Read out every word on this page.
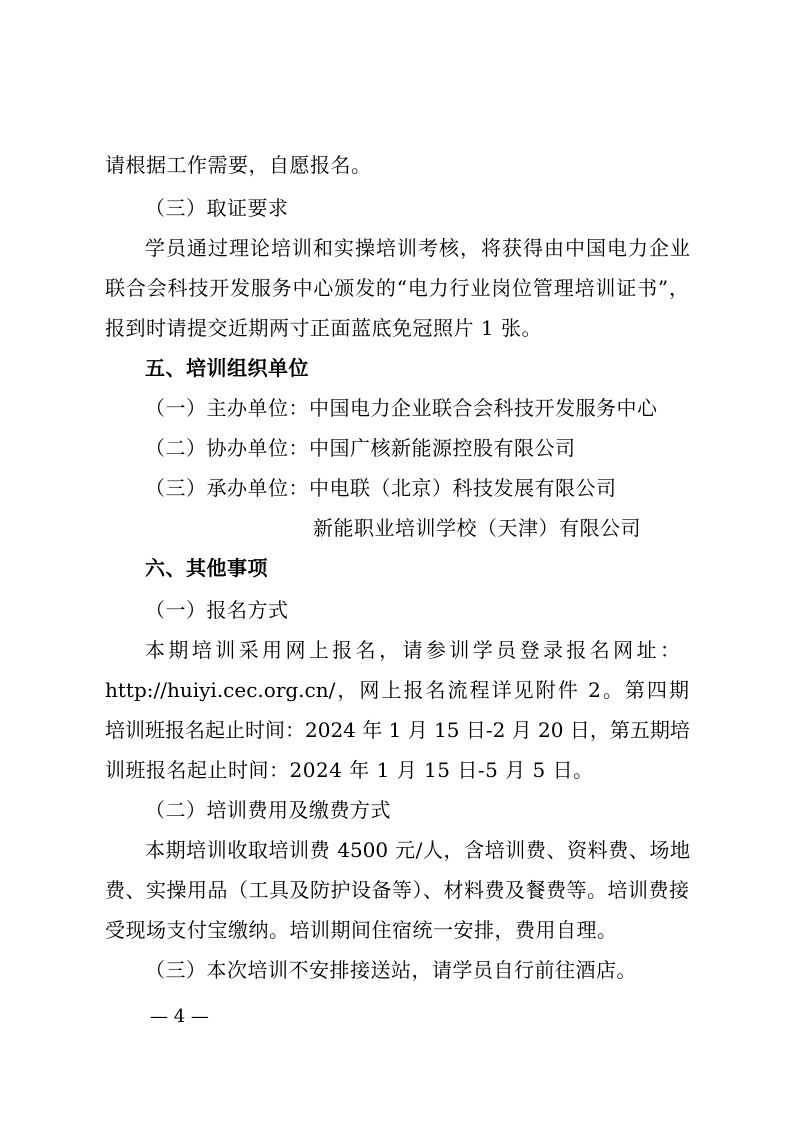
请根据工作需要，自愿报名。
（三）取证要求
学员通过理论培训和实操培训考核，将获得由中国电力企业
联合会科技开发服务中心颁发的“电力行业岗位管理培训证书”，
报到时请提交近期两寸正面蓝底免冠照片 1 张。
五、培训组织单位
（一）主办单位：中国电力企业联合会科技开发服务中心
（二）协办单位：中国广核新能源控股有限公司
（三）承办单位：中电联（北京）科技发展有限公司
新能职业培训学校（天津）有限公司
六、其他事项
（一）报名方式
本期培训采用网上报名，请参训学员登录报名网址：
http://huiyi.cec.org.cn/，网上报名流程详见附件 2。第四期
培训班报名起止时间：2024 年 1 月 15 日-2 月 20 日，第五期培
训班报名起止时间：2024 年 1 月 15 日-5 月 5 日。
（二）培训费用及缴费方式
本期培训收取培训费 4500 元/人，含培训费、资料费、场地
费、实操用品（工具及防护设备等）、材料费及餐费等。培训费接
受现场支付宝缴纳。培训期间住宿统一安排，费用自理。
（三）本次培训不安排接送站，请学员自行前往酒店。
— 4 —
